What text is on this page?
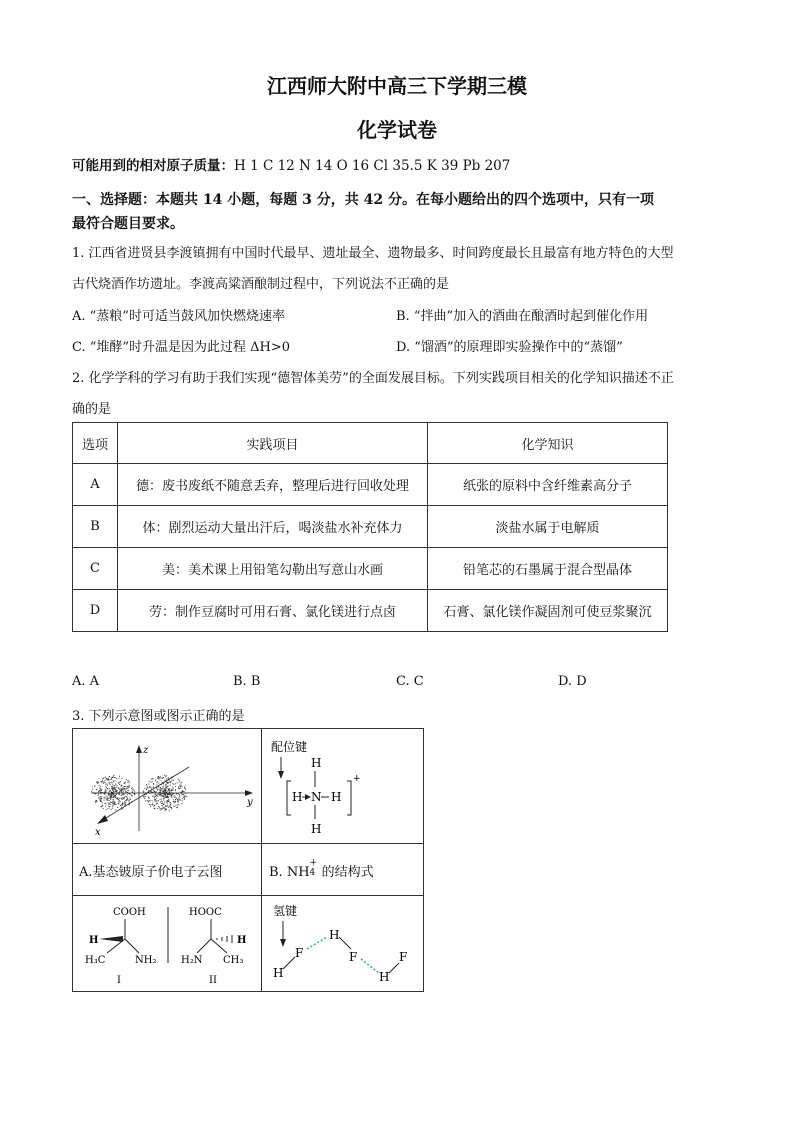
江西师大附中高三下学期三模
化学试卷
可能用到的相对原子质量：H 1 C 12 N 14 O 16 Cl 35.5 K 39 Pb 207
一、选择题：本题共 14 小题，每题 3 分，共 42 分。在每小题给出的四个选项中，只有一项
最符合题目要求。
1. 江西省进贤县李渡镇拥有中国时代最早、遗址最全、遗物最多、时间跨度最长且最富有地方特色的大型
古代烧酒作坊遗址。李渡高粱酒酿制过程中，下列说法不正确的是
A. “蒸粮”时可适当鼓风加快燃烧速率	B. “拌曲”加入的酒曲在酿酒时起到催化作用
C. “堆酵”时升温是因为此过程 ΔH>0	D. “馏酒”的原理即实验操作中的“蒸馏”
2. 化学学科的学习有助于我们实现“德智体美劳”的全面发展目标。下列实践项目相关的化学知识描述不正
确的是
选项	实践项目	化学知识
A	德：废书废纸不随意丢弃，整理后进行回收处理	纸张的原料中含纤维素高分子
B	体：剧烈运动大量出汗后，喝淡盐水补充体力	淡盐水属于电解质
C	美：美术课上用铅笔勾勒出写意山水画	铅笔芯的石墨属于混合型晶体
D	劳：制作豆腐时可用石膏、氯化镁进行点卤	石膏、氯化镁作凝固剂可使豆浆聚沉
A. A	B. B	C. C	D. D
3. 下列示意图或图示正确的是
z
y
x
配位键
H
H N H
H
+
A.基态铍原子价电子云图	B. NH
+
4 的结构式
COOH
H
H₃C	NH₂
I
HOOC
H
H₂N CH₃
II
氢键
H
F
H
F
H
F
